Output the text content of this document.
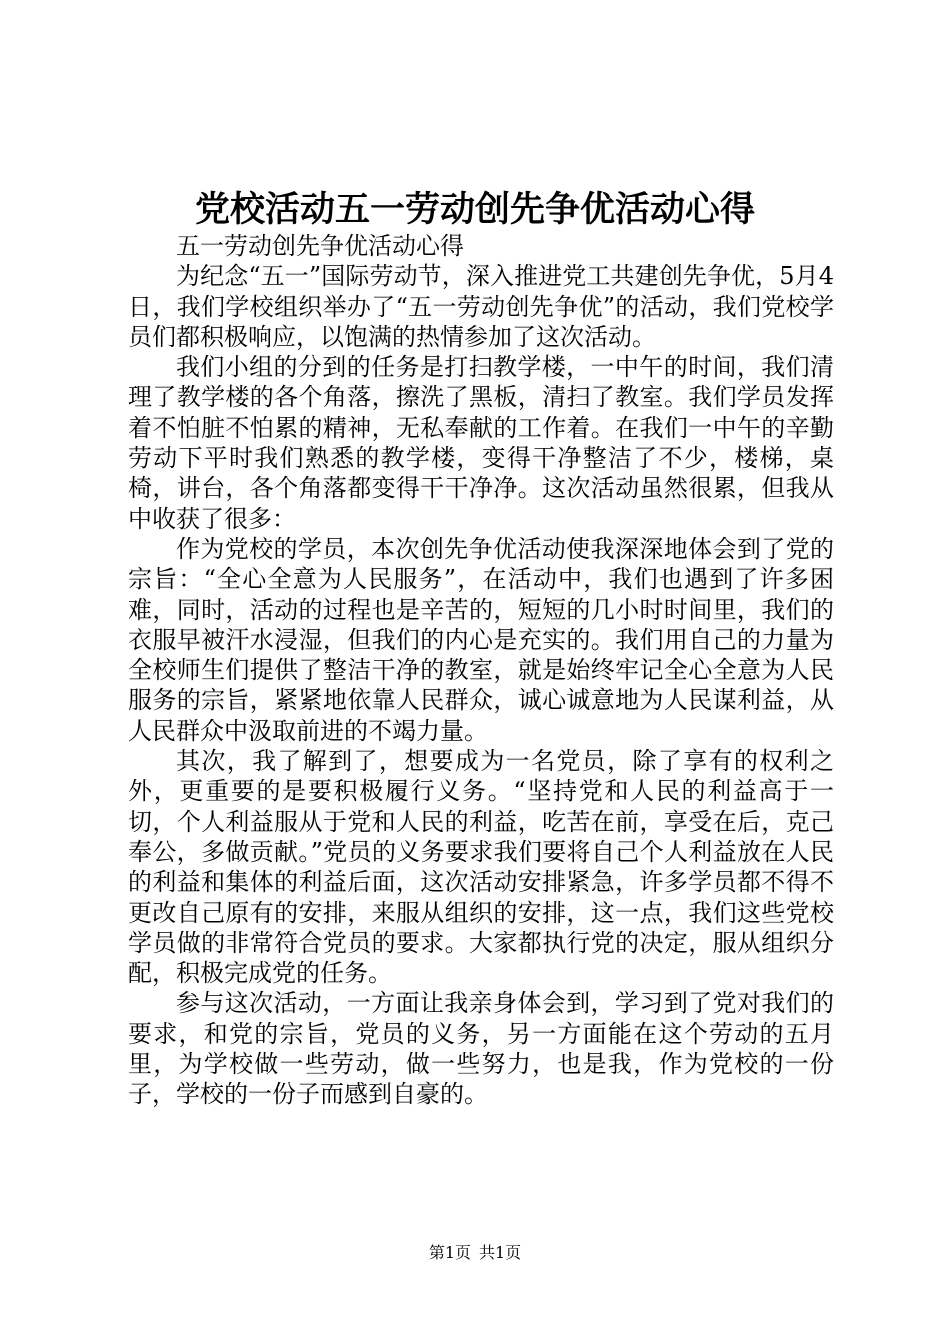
党校活动五一劳动创先争优活动心得

五一劳动创先争优活动心得

为纪念“五一”国际劳动节，深入推进党工共建创先争优，5月4日，我们学校组织举办了“五一劳动创先争优”的活动，我们党校学员们都积极响应，以饱满的热情参加了这次活动。

我们小组的分到的任务是打扫教学楼，一中午的时间，我们清理了教学楼的各个角落，擦洗了黑板，清扫了教室。我们学员发挥着不怕脏不怕累的精神，无私奉献的工作着。在我们一中午的辛勤劳动下平时我们熟悉的教学楼，变得干净整洁了不少，楼梯，桌椅，讲台，各个角落都变得干干净净。这次活动虽然很累，但我从中收获了很多：

作为党校的学员，本次创先争优活动使我深深地体会到了党的宗旨：“全心全意为人民服务”，在活动中，我们也遇到了许多困难，同时，活动的过程也是辛苦的，短短的几小时时间里，我们的衣服早被汗水浸湿，但我们的内心是充实的。我们用自己的力量为全校师生们提供了整洁干净的教室，就是始终牢记全心全意为人民服务的宗旨，紧紧地依靠人民群众，诚心诚意地为人民谋利益，从人民群众中汲取前进的不竭力量。

其次，我了解到了，想要成为一名党员，除了享有的权利之外，更重要的是要积极履行义务。“坚持党和人民的利益高于一切，个人利益服从于党和人民的利益，吃苦在前，享受在后，克己奉公，多做贡献。”党员的义务要求我们要将自己个人利益放在人民的利益和集体的利益后面，这次活动安排紧急，许多学员都不得不更改自己原有的安排，来服从组织的安排，这一点，我们这些党校学员做的非常符合党员的要求。大家都执行党的决定，服从组织分配，积极完成党的任务。

参与这次活动，一方面让我亲身体会到，学习到了党对我们的要求，和党的宗旨，党员的义务，另一方面能在这个劳动的五月里，为学校做一些劳动，做一些努力，也是我，作为党校的一份子，学校的一份子而感到自豪的。

第1页 共1页
